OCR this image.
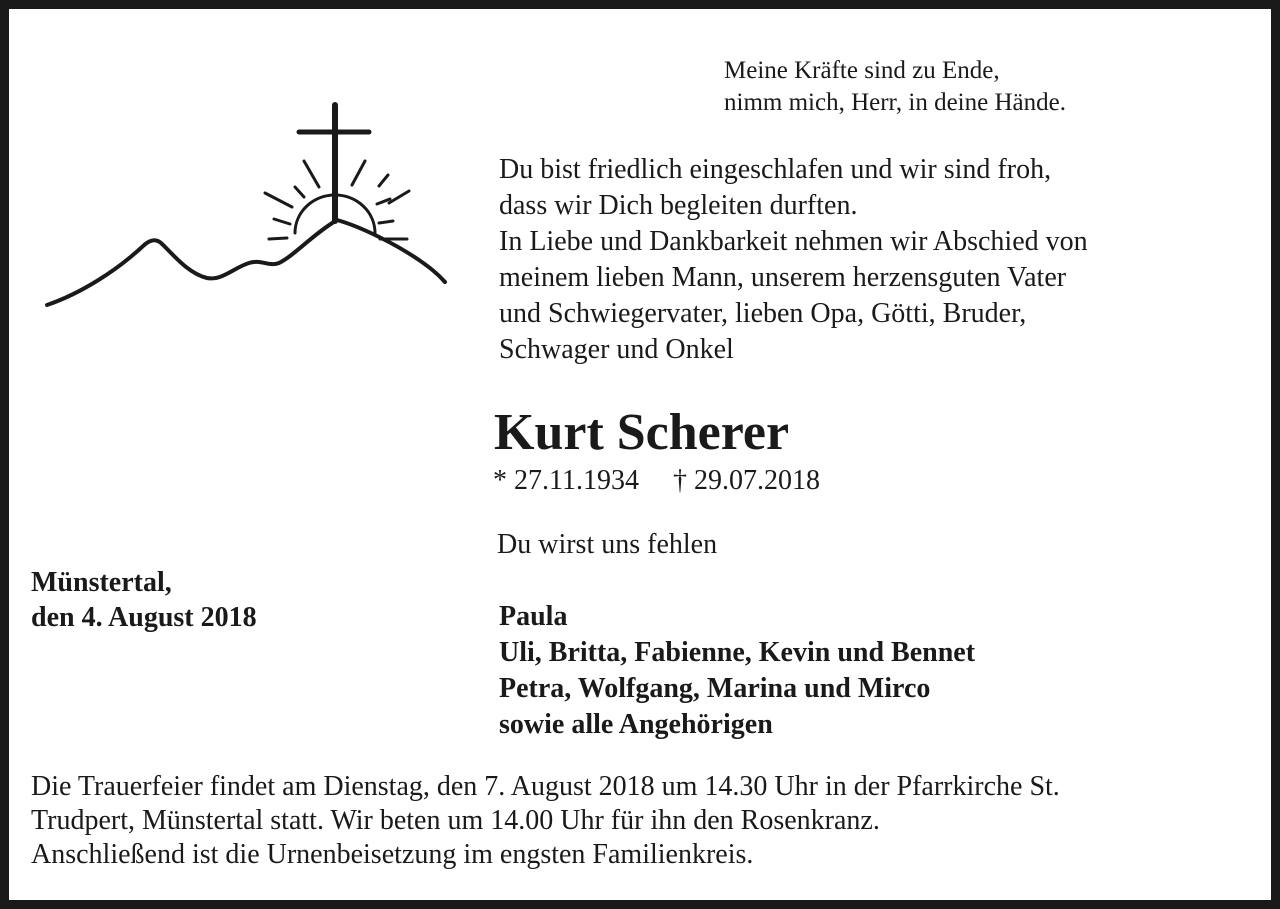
Meine Kräfte sind zu Ende,
nimm mich, Herr, in deine Hände.
Du bist friedlich eingeschlafen und wir sind froh,
dass wir Dich begleiten durften.
In Liebe und Dankbarkeit nehmen wir Abschied von
meinem lieben Mann, unserem herzensguten Vater
und Schwiegervater, lieben Opa, Götti, Bruder,
Schwager und Onkel
Kurt Scherer
* 27.11.1934 † 29.07.2018
Du wirst uns fehlen
Münstertal,
den 4. August 2018	Paula
Uli, Britta, Fabienne, Kevin und Bennet
Petra, Wolfgang, Marina und Mirco
sowie alle Angehörigen
Die Trauerfeier findet am Dienstag, den 7. August 2018 um 14.30 Uhr in der Pfarrkirche St.
Trudpert, Münstertal statt. Wir beten um 14.00 Uhr für ihn den Rosenkranz.
Anschließend ist die Urnenbeisetzung im engsten Familienkreis.
